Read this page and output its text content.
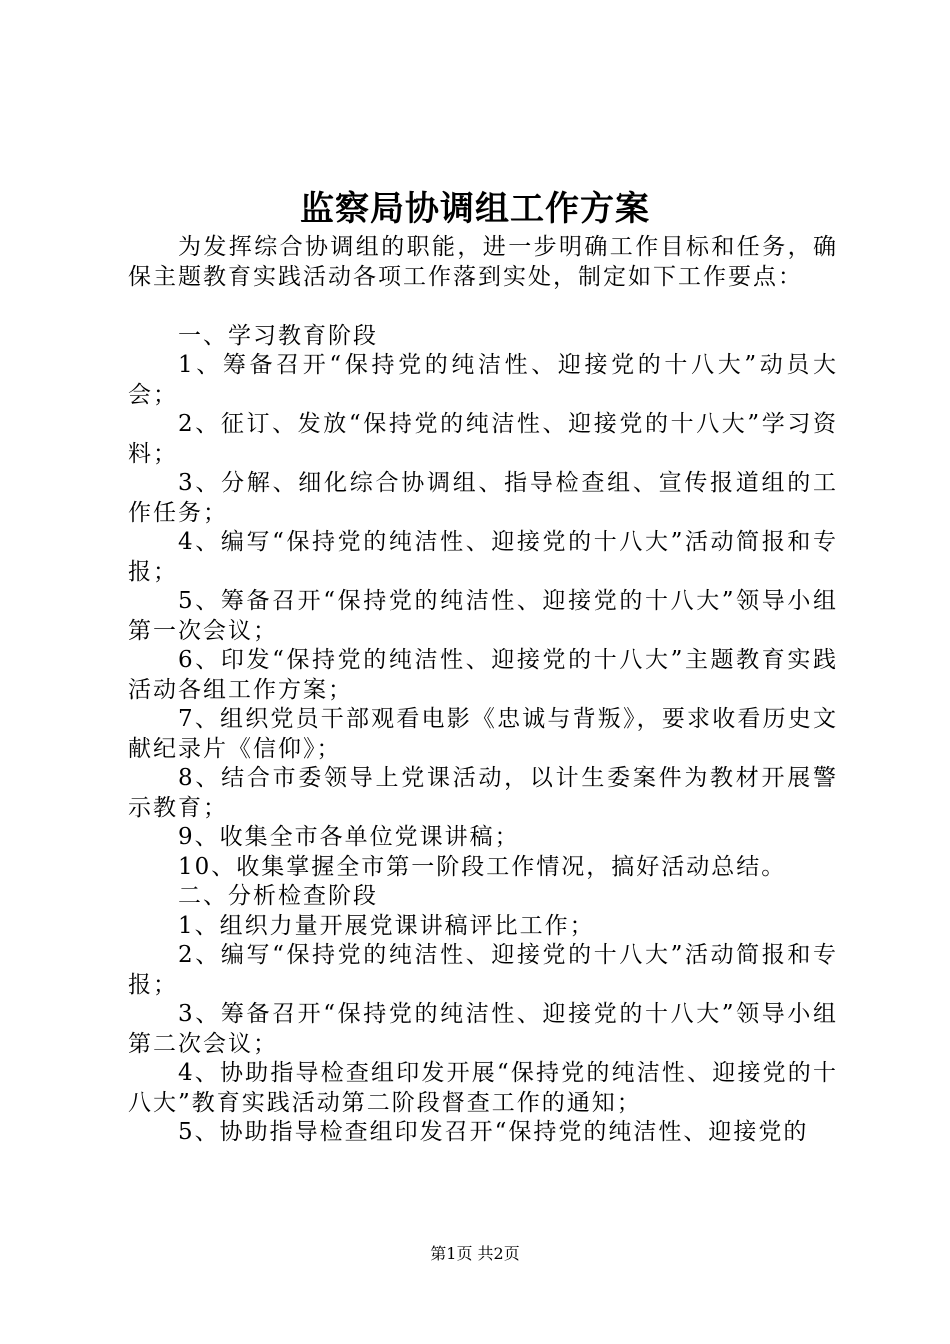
监察局协调组工作方案

为发挥综合协调组的职能，进一步明确工作目标和任务，确保主题教育实践活动各项工作落到实处，制定如下工作要点：

一、学习教育阶段

1、筹备召开“保持党的纯洁性、迎接党的十八大”动员大会；

2、征订、发放“保持党的纯洁性、迎接党的十八大”学习资料；

3、分解、细化综合协调组、指导检查组、宣传报道组的工作任务；

4、编写“保持党的纯洁性、迎接党的十八大”活动简报和专报；

5、筹备召开“保持党的纯洁性、迎接党的十八大”领导小组第一次会议；

6、印发“保持党的纯洁性、迎接党的十八大”主题教育实践活动各组工作方案；

7、组织党员干部观看电影《忠诚与背叛》，要求收看历史文献纪录片《信仰》；

8、结合市委领导上党课活动，以计生委案件为教材开展警示教育；

9、收集全市各单位党课讲稿；

10、收集掌握全市第一阶段工作情况，搞好活动总结。

二、分析检查阶段

1、组织力量开展党课讲稿评比工作；

2、编写“保持党的纯洁性、迎接党的十八大”活动简报和专报；

3、筹备召开“保持党的纯洁性、迎接党的十八大”领导小组第二次会议；

4、协助指导检查组印发开展“保持党的纯洁性、迎接党的十八大”教育实践活动第二阶段督查工作的通知；

5、协助指导检查组印发召开“保持党的纯洁性、迎接党的

第1页 共2页
